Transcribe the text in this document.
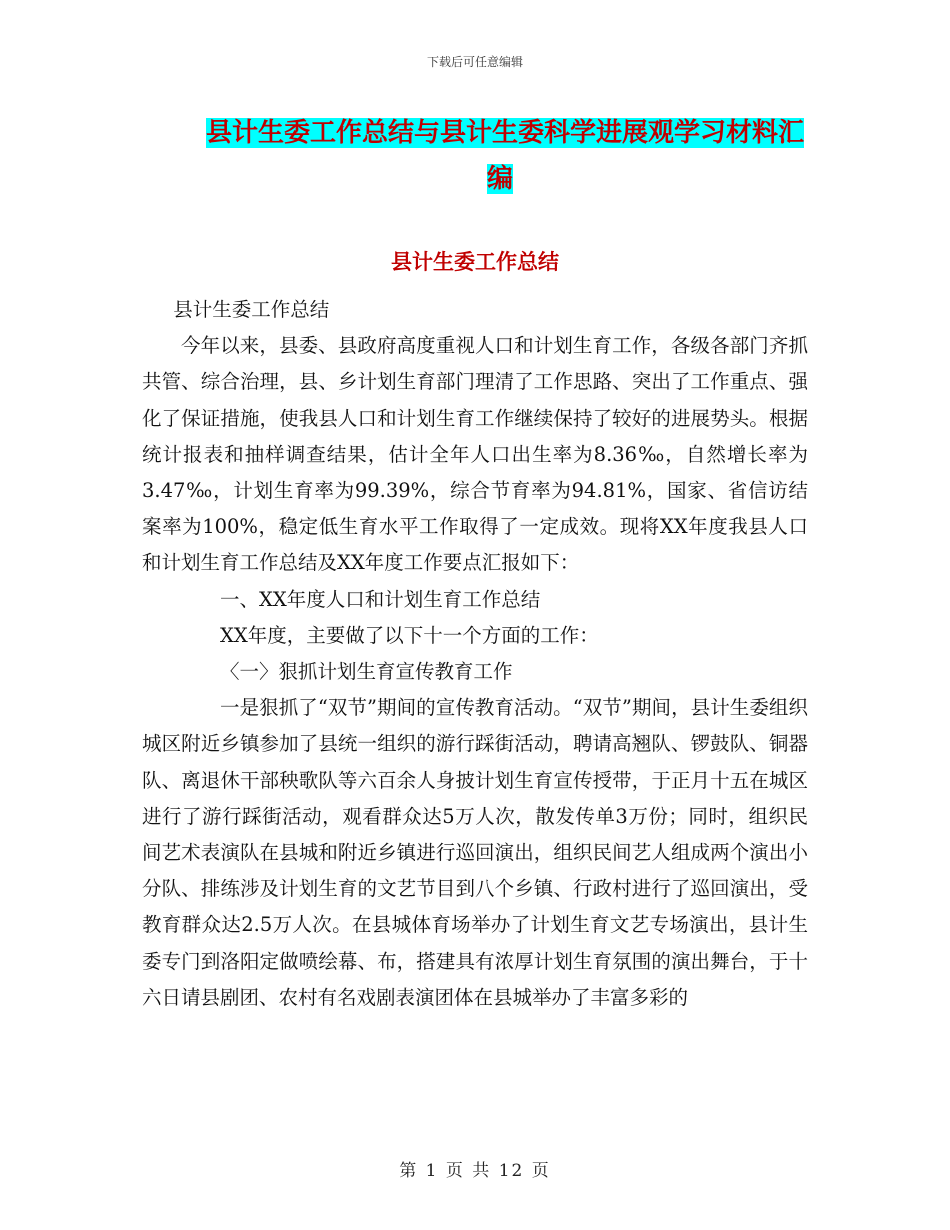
下载后可任意编辑
县计生委工作总结与县计生委科学进展观学习材料汇
编
县计生委工作总结

县计生委工作总结

今年以来，县委、县政府高度重视人口和计划生育工作，各级各部门齐抓共管、综合治理，县、乡计划生育部门理清了工作思路、突出了工作重点、强化了保证措施，使我县人口和计划生育工作继续保持了较好的进展势头。根据统计报表和抽样调查结果，估计全年人口出生率为8.36‰，自然增长率为3.47‰，计划生育率为99.39%，综合节育率为94.81%，国家、省信访结案率为100%，稳定低生育水平工作取得了一定成效。现将XX年度我县人口和计划生育工作总结及XX年度工作要点汇报如下：

一、XX年度人口和计划生育工作总结

XX年度，主要做了以下十一个方面的工作：

〈一〉狠抓计划生育宣传教育工作

一是狠抓了“双节”期间的宣传教育活动。“双节”期间，县计生委组织城区附近乡镇参加了县统一组织的游行踩街活动，聘请高翘队、锣鼓队、铜器队、离退休干部秧歌队等六百余人身披计划生育宣传授带，于正月十五在城区进行了游行踩街活动，观看群众达5万人次，散发传单3万份；同时，组织民间艺术表演队在县城和附近乡镇进行巡回演出，组织民间艺人组成两个演出小分队、排练涉及计划生育的文艺节目到八个乡镇、行政村进行了巡回演出，受教育群众达2.5万人次。在县城体育场举办了计划生育文艺专场演出，县计生委专门到洛阳定做喷绘幕、布，搭建具有浓厚计划生育氛围的演出舞台，于十六日请县剧团、农村有名戏剧表演团体在县城举办了丰富多彩的

第 1 页 共 12 页
